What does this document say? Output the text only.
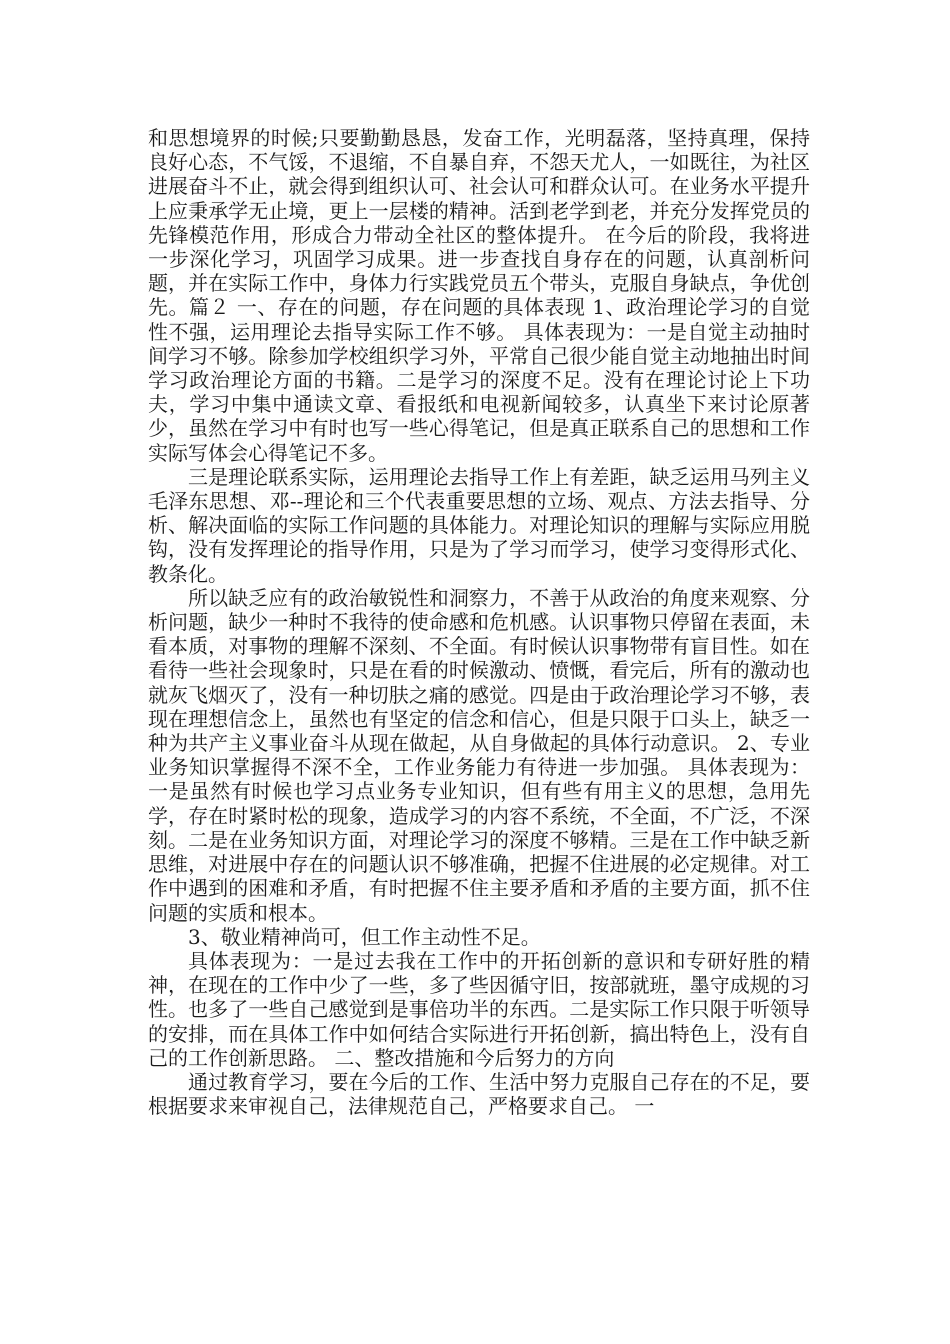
和思想境界的时候;只要勤勤恳恳，发奋工作，光明磊落，坚持真理，保持良好心态，不气馁，不退缩，不自暴自弃，不怨天尤人，一如既往，为社区进展奋斗不止，就会得到组织认可、社会认可和群众认可。在业务水平提升上应秉承学无止境，更上一层楼的精神。活到老学到老，并充分发挥党员的先锋模范作用，形成合力带动全社区的整体提升。 在今后的阶段，我将进一步深化学习，巩固学习成果。进一步查找自身存在的问题，认真剖析问题，并在实际工作中，身体力行实践党员五个带头，克服自身缺点，争优创先。篇２ 一、存在的问题，存在问题的具体表现 1、政治理论学习的自觉性不强，运用理论去指导实际工作不够。 具体表现为：一是自觉主动抽时间学习不够。除参加学校组织学习外，平常自己很少能自觉主动地抽出时间学习政治理论方面的书籍。二是学习的深度不足。没有在理论讨论上下功夫，学习中集中通读文章、看报纸和电视新闻较多，认真坐下来讨论原著少，虽然在学习中有时也写一些心得笔记，但是真正联系自己的思想和工作实际写体会心得笔记不多。

三是理论联系实际，运用理论去指导工作上有差距，缺乏运用马列主义毛泽东思想、邓--理论和三个代表重要思想的立场、观点、方法去指导、分析、解决面临的实际工作问题的具体能力。对理论知识的理解与实际应用脱钩，没有发挥理论的指导作用，只是为了学习而学习，使学习变得形式化、教条化。

所以缺乏应有的政治敏锐性和洞察力，不善于从政治的角度来观察、分析问题，缺少一种时不我待的使命感和危机感。认识事物只停留在表面，未看本质，对事物的理解不深刻、不全面。有时候认识事物带有盲目性。如在看待一些社会现象时，只是在看的时候激动、愤慨，看完后，所有的激动也就灰飞烟灭了，没有一种切肤之痛的感觉。四是由于政治理论学习不够，表现在理想信念上，虽然也有坚定的信念和信心，但是只限于口头上，缺乏一种为共产主义事业奋斗从现在做起，从自身做起的具体行动意识。 2、专业业务知识掌握得不深不全，工作业务能力有待进一步加强。 具体表现为：一是虽然有时候也学习点业务专业知识，但有些有用主义的思想，急用先学，存在时紧时松的现象，造成学习的内容不系统，不全面，不广泛，不深刻。二是在业务知识方面，对理论学习的深度不够精。三是在工作中缺乏新思维，对进展中存在的问题认识不够准确，把握不住进展的必定规律。对工作中遇到的困难和矛盾，有时把握不住主要矛盾和矛盾的主要方面，抓不住问题的实质和根本。

3、敬业精神尚可，但工作主动性不足。

具体表现为：一是过去我在工作中的开拓创新的意识和专研好胜的精神，在现在的工作中少了一些，多了些因循守旧，按部就班，墨守成规的习性。也多了一些自己感觉到是事倍功半的东西。二是实际工作只限于听领导的安排，而在具体工作中如何结合实际进行开拓创新，搞出特色上，没有自己的工作创新思路。 二、整改措施和今后努力的方向

通过教育学习，要在今后的工作、生活中努力克服自己存在的不足，要根据要求来审视自己，法律规范自己，严格要求自己。 一
